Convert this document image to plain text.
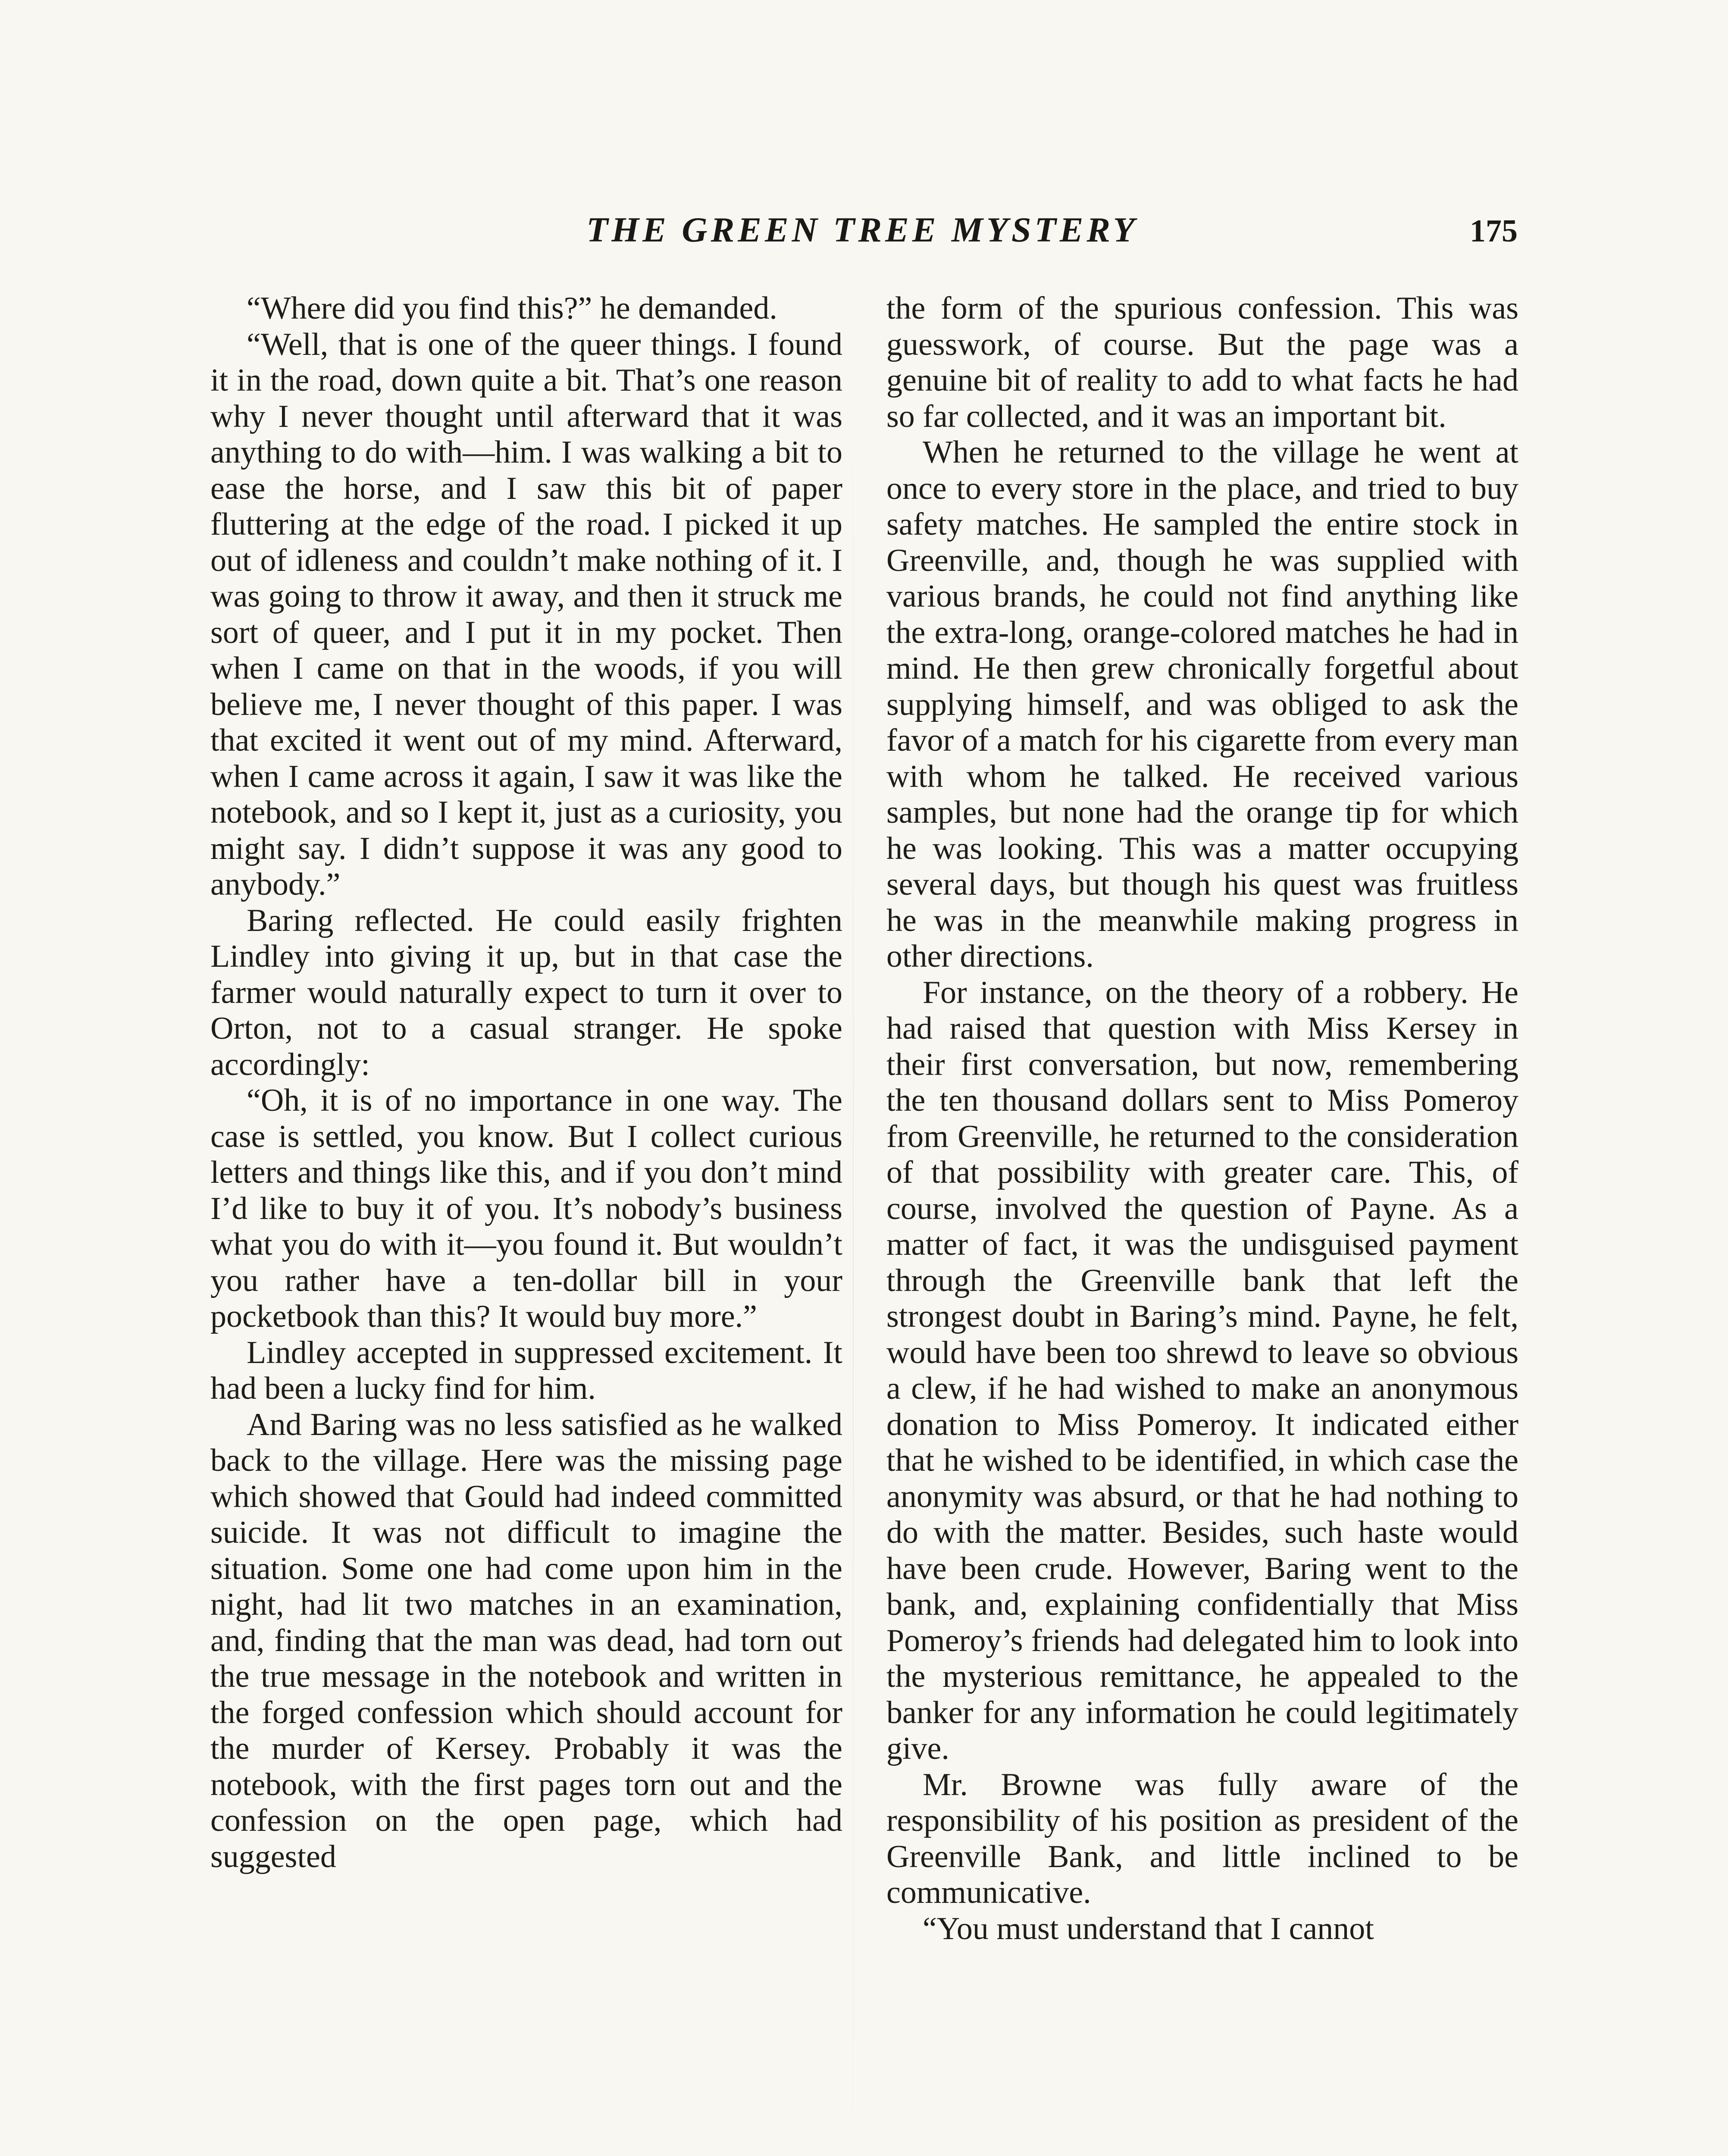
THE GREEN TREE MYSTERY	175

“Where did you find this?” he demanded.

“Well, that is one of the queer things. I found it in the road, down quite a bit. That’s one reason why I never thought until afterward that it was anything to do with—him. I was walking a bit to ease the horse, and I saw this bit of paper fluttering at the edge of the road. I picked it up out of idleness and couldn’t make nothing of it. I was going to throw it away, and then it struck me sort of queer, and I put it in my pocket. Then when I came on that in the woods, if you will believe me, I never thought of this paper. I was that excited it went out of my mind. Afterward, when I came across it again, I saw it was like the notebook, and so I kept it, just as a curiosity, you might say. I didn’t suppose it was any good to anybody.”

Baring reflected. He could easily frighten Lindley into giving it up, but in that case the farmer would naturally expect to turn it over to Orton, not to a casual stranger. He spoke accordingly:

“Oh, it is of no importance in one way. The case is settled, you know. But I collect curious letters and things like this, and if you don’t mind I’d like to buy it of you. It’s nobody’s business what you do with it—you found it. But wouldn’t you rather have a ten-dollar bill in your pocketbook than this? It would buy more.”

Lindley accepted in suppressed excitement. It had been a lucky find for him.

And Baring was no less satisfied as he walked back to the village. Here was the missing page which showed that Gould had indeed committed suicide. It was not difficult to imagine the situation. Some one had come upon him in the night, had lit two matches in an examination, and, finding that the man was dead, had torn out the true message in the notebook and written in the forged confession which should account for the murder of Kersey. Probably it was the notebook, with the first pages torn out and the confession on the open page, which had suggested

the form of the spurious confession. This was guesswork, of course. But the page was a genuine bit of reality to add to what facts he had so far collected, and it was an important bit.

When he returned to the village he went at once to every store in the place, and tried to buy safety matches. He sampled the entire stock in Greenville, and, though he was supplied with various brands, he could not find anything like the extra-long, orange-colored matches he had in mind. He then grew chronically forgetful about supplying himself, and was obliged to ask the favor of a match for his cigarette from every man with whom he talked. He received various samples, but none had the orange tip for which he was looking. This was a matter occupying several days, but though his quest was fruitless he was in the meanwhile making progress in other directions.

For instance, on the theory of a robbery. He had raised that question with Miss Kersey in their first conversation, but now, remembering the ten thousand dollars sent to Miss Pomeroy from Greenville, he returned to the consideration of that possibility with greater care. This, of course, involved the question of Payne. As a matter of fact, it was the undisguised payment through the Greenville bank that left the strongest doubt in Baring’s mind. Payne, he felt, would have been too shrewd to leave so obvious a clew, if he had wished to make an anonymous donation to Miss Pomeroy. It indicated either that he wished to be identified, in which case the anonymity was absurd, or that he had nothing to do with the matter. Besides, such haste would have been crude. However, Baring went to the bank, and, explaining confidentially that Miss Pomeroy’s friends had delegated him to look into the mysterious remittance, he appealed to the banker for any information he could legitimately give.

Mr. Browne was fully aware of the responsibility of his position as president of the Greenville Bank, and little inclined to be communicative.

“You must understand that I cannot
